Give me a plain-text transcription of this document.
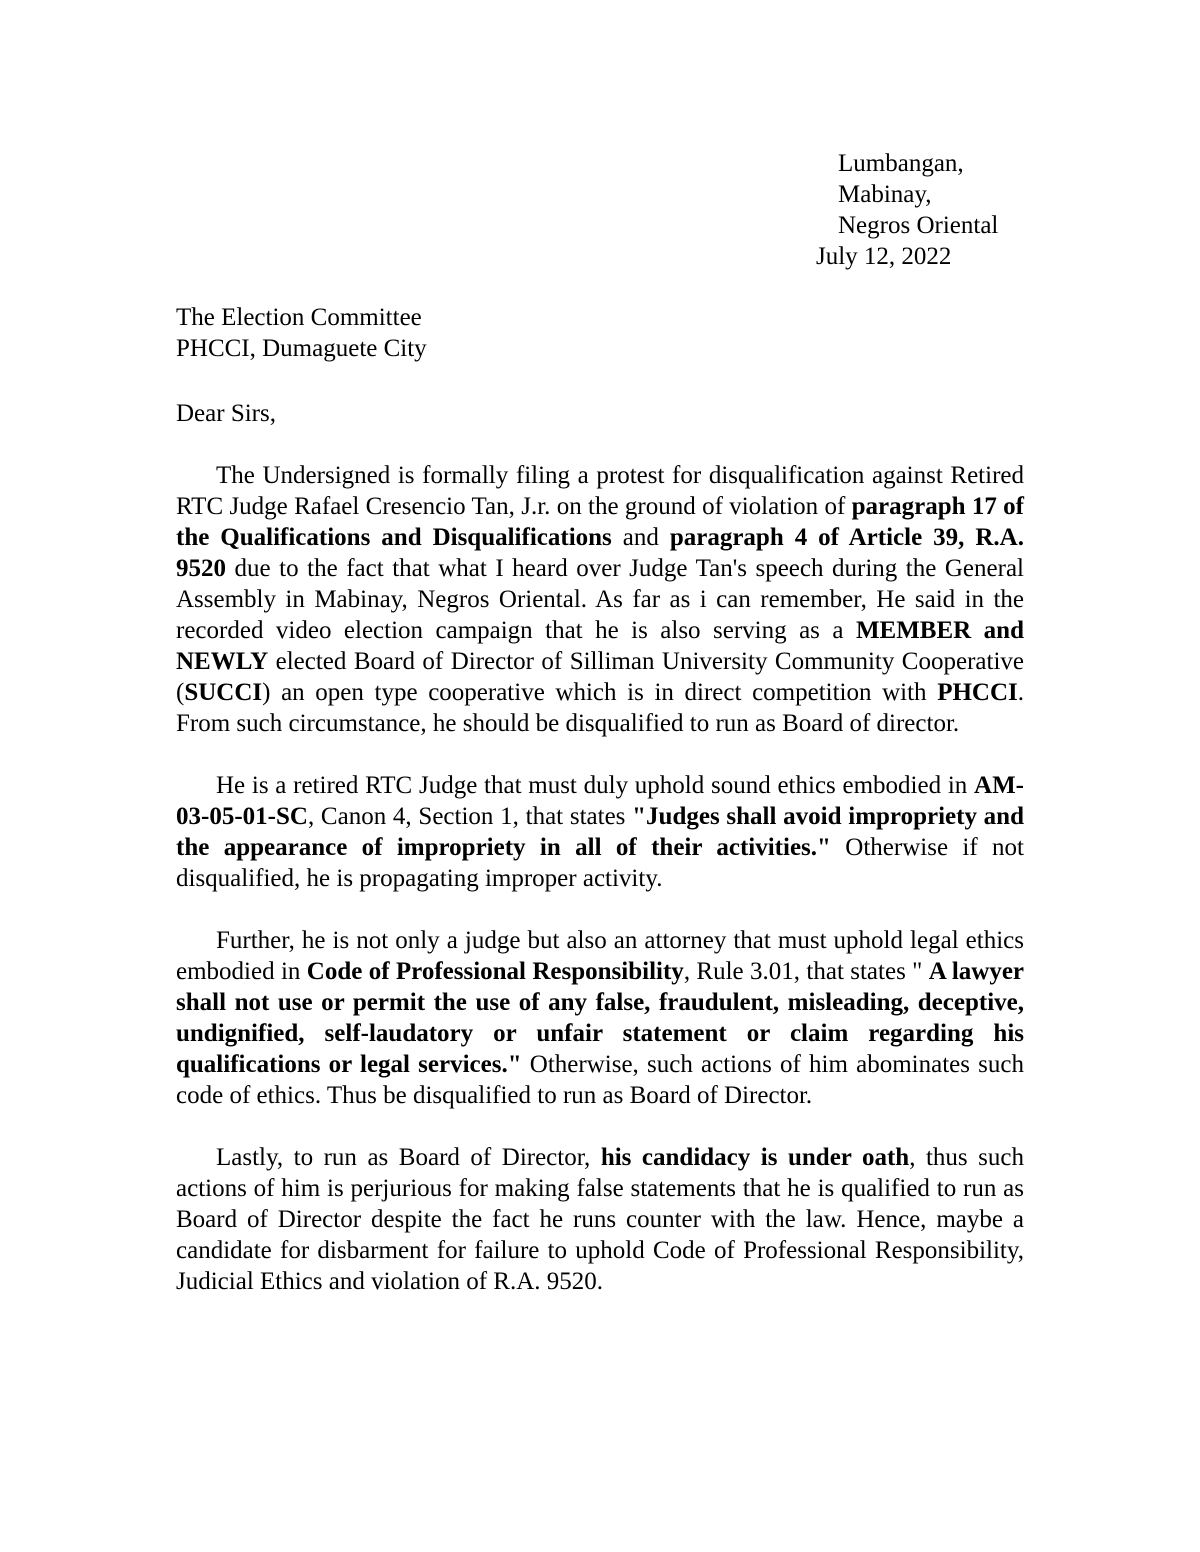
Lumbangan,
Mabinay,
Negros Oriental
July 12, 2022
The Election Committee
PHCCI, Dumaguete City
Dear Sirs,

The Undersigned is formally filing a protest for disqualification against Retired RTC Judge Rafael Cresencio Tan, J.r. on the ground of violation of paragraph 17 of the Qualifications and Disqualifications and paragraph 4 of Article 39, R.A. 9520 due to the fact that what I heard over Judge Tan's speech during the General Assembly in Mabinay, Negros Oriental. As far as i can remember, He said in the recorded video election campaign that he is also serving as a MEMBER and NEWLY elected Board of Director of Silliman University Community Cooperative (SUCCI) an open type cooperative which is in direct competition with PHCCI. From such circumstance, he should be disqualified to run as Board of director.

He is a retired RTC Judge that must duly uphold sound ethics embodied in AM-03-05-01-SC, Canon 4, Section 1, that states "Judges shall avoid impropriety and the appearance of impropriety in all of their activities." Otherwise if not disqualified, he is propagating improper activity.

Further, he is not only a judge but also an attorney that must uphold legal ethics embodied in Code of Professional Responsibility, Rule 3.01, that states " A lawyer shall not use or permit the use of any false, fraudulent, misleading, deceptive, undignified, self-laudatory or unfair statement or claim regarding his qualifications or legal services." Otherwise, such actions of him abominates such code of ethics. Thus be disqualified to run as Board of Director.

Lastly, to run as Board of Director, his candidacy is under oath, thus such actions of him is perjurious for making false statements that he is qualified to run as Board of Director despite the fact he runs counter with the law. Hence, maybe a candidate for disbarment for failure to uphold Code of Professional Responsibility, Judicial Ethics and violation of R.A. 9520.
